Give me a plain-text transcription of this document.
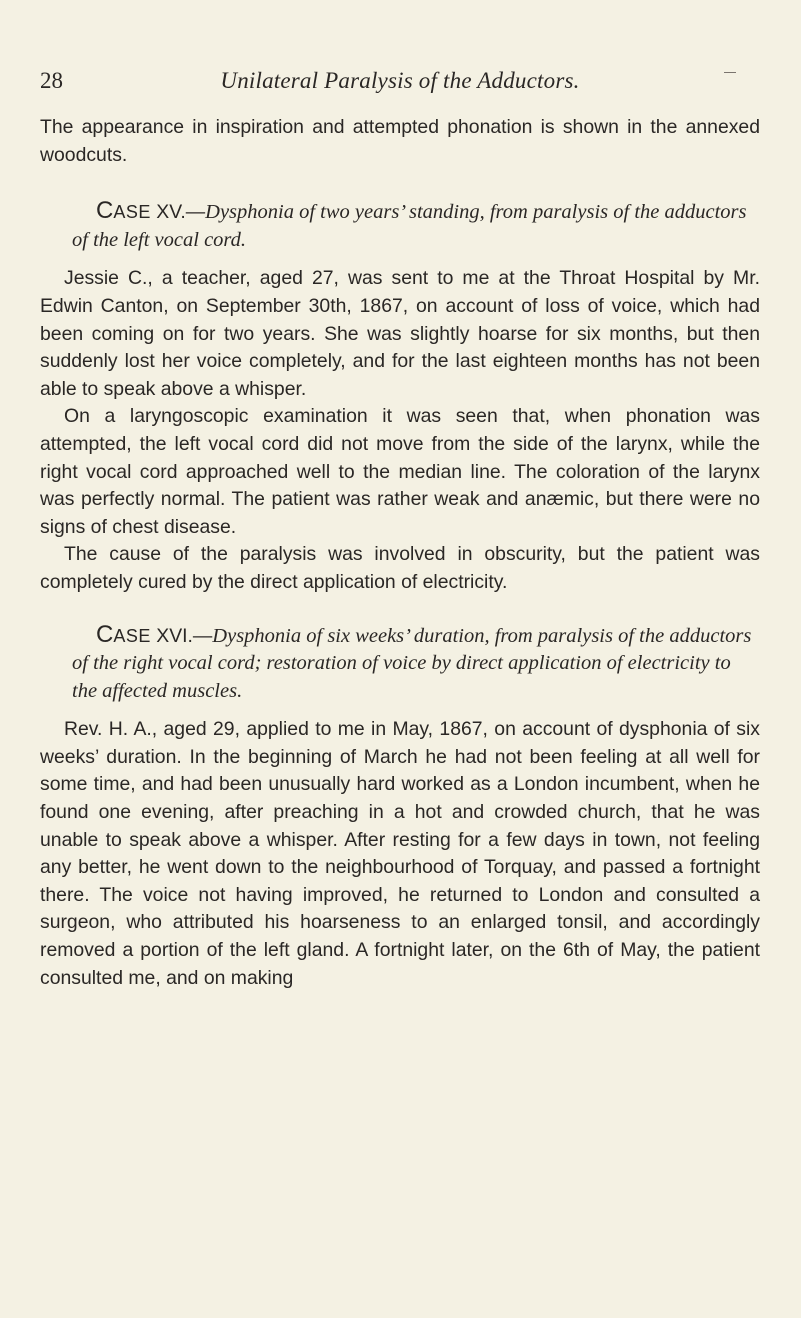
28	Unilateral Paralysis of the Adductors.

The appearance in inspiration and attempted phonation is shown in the annexed woodcuts.

CASE XV.—Dysphonia of two years’ standing, from paralysis of the adductors of the left vocal cord.

Jessie C., a teacher, aged 27, was sent to me at the Throat Hospital by Mr. Edwin Canton, on September 30th, 1867, on account of loss of voice, which had been coming on for two years. She was slightly hoarse for six months, but then suddenly lost her voice completely, and for the last eighteen months has not been able to speak above a whisper.

On a laryngoscopic examination it was seen that, when phonation was attempted, the left vocal cord did not move from the side of the larynx, while the right vocal cord approached well to the median line. The coloration of the larynx was perfectly normal. The patient was rather weak and anæmic, but there were no signs of chest disease.

The cause of the paralysis was involved in obscurity, but the patient was completely cured by the direct application of electricity.

CASE XVI.—Dysphonia of six weeks’ duration, from paralysis of the adductors of the right vocal cord; restoration of voice by direct application of electricity to the affected muscles.

Rev. H. A., aged 29, applied to me in May, 1867, on account of dysphonia of six weeks’ duration. In the beginning of March he had not been feeling at all well for some time, and had been unusually hard worked as a London incumbent, when he found one evening, after preaching in a hot and crowded church, that he was unable to speak above a whisper. After resting for a few days in town, not feeling any better, he went down to the neighbourhood of Torquay, and passed a fortnight there. The voice not having improved, he returned to London and consulted a surgeon, who attributed his hoarseness to an enlarged tonsil, and accordingly removed a portion of the left gland. A fortnight later, on the 6th of May, the patient consulted me, and on making
